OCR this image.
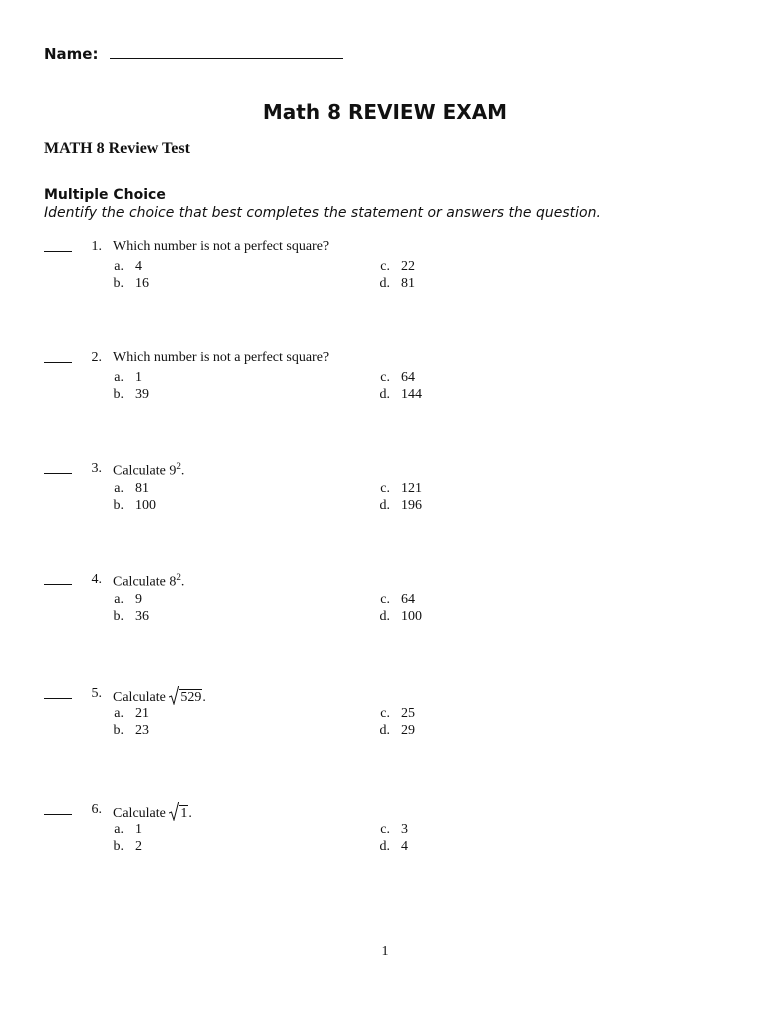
Name:
Math 8 REVIEW EXAM
MATH 8 Review Test
Multiple Choice
Identify the choice that best completes the statement or answers the question.
1. Which number is not a perfect square?
a. 4
b. 16
c. 22
d. 81
2. Which number is not a perfect square?
a. 1
b. 39
c. 64
d. 144
3. Calculate $9^2$.
a. 81
b. 100
c. 121
d. 196
4. Calculate $8^2$.
a. 9
b. 36
c. 64
d. 100
5. Calculate 529.
a. 21
b. 23
c. 25
d. 29
6. Calculate 1.
a. 1
b. 2
c. 3
d. 4
1
